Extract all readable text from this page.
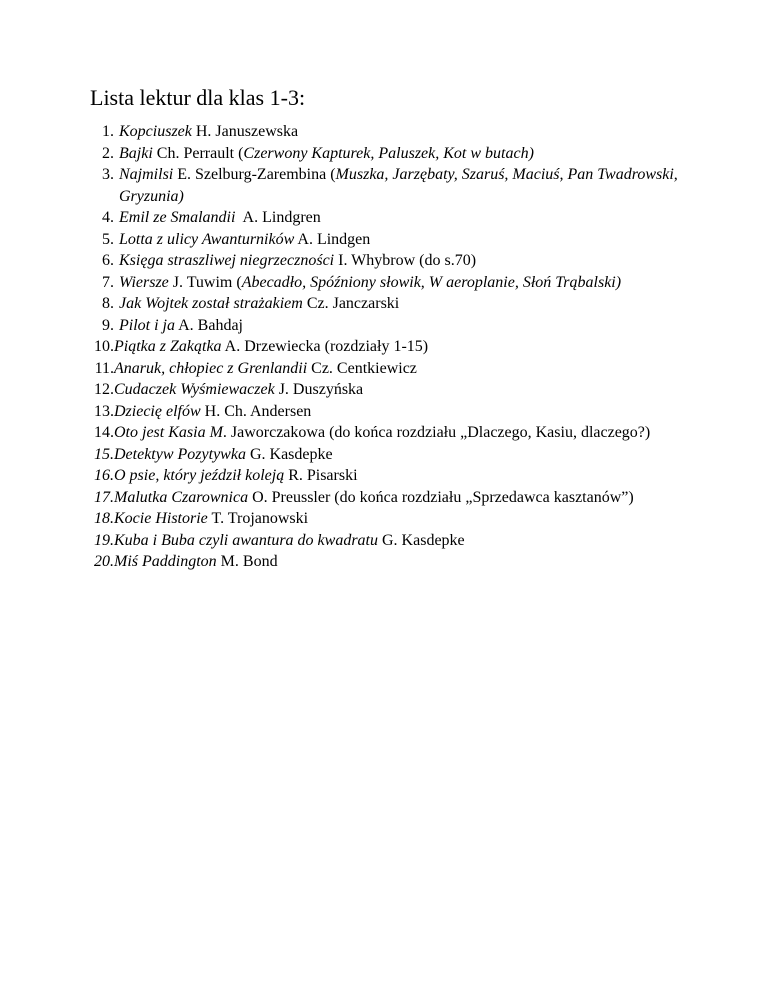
Lista lektur dla klas 1-3:
1. Kopciuszek H. Januszewska
2. Bajki Ch. Perrault (Czerwony Kapturek, Paluszek, Kot w butach)
3. Najmilsi E. Szelburg-Zarembina (Muszka, Jarzębaty, Szaruś, Maciuś, Pan Twadrowski, Gryzunia)
4. Emil ze Smalandii  A. Lindgren
5. Lotta z ulicy Awanturników A. Lindgen
6. Księga straszliwej niegrzeczności I. Whybrow (do s.70)
7. Wiersze J. Tuwim (Abecadło, Spóźniony słowik, W aeroplanie, Słoń Trąbalski)
8. Jak Wojtek został strażakiem Cz. Janczarski
9. Pilot i ja A. Bahdaj
10. Piątka z Zakątka A. Drzewiecka (rozdziały 1-15)
11. Anaruk, chłopiec z Grenlandii Cz. Centkiewicz
12. Cudaczek Wyśmiewaczek J. Duszyńska
13. Dziecię elfów H. Ch. Andersen
14. Oto jest Kasia M. Jaworczakowa (do końca rozdziału „Dlaczego, Kasiu, dlaczego?)
15. Detektyw Pozytywka G. Kasdepke
16. O psie, który jeździł koleją R. Pisarski
17. Malutka Czarownica O. Preussler (do końca rozdziału „Sprzedawca kasztanów”)
18. Kocie Historie T. Trojanowski
19. Kuba i Buba czyli awantura do kwadratu G. Kasdepke
20. Miś Paddington M. Bond
